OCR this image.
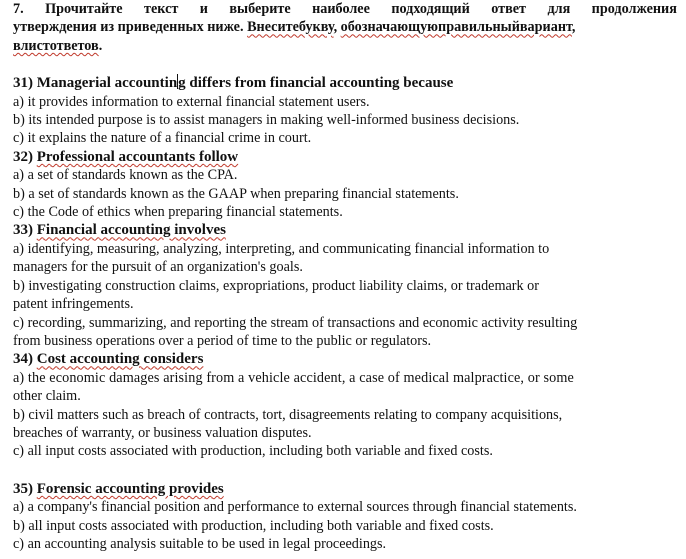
7. Прочитайте текст и выберите наиболее подходящий ответ для продолжения
утверждения из приведенных ниже. Внеситебукву, обозначающуюправильныйвариант,
влистответов.
31) Managerial accounting differs from financial accounting because
a) it provides information to external financial statement users.
b) its intended purpose is to assist managers in making well-informed business decisions.
c) it explains the nature of a financial crime in court.
32) Professional accountants follow
a) a set of standards known as the CPA.
b) a set of standards known as the GAAP when preparing financial statements.
c) the Code of ethics when preparing financial statements.
33) Financial accounting involves
a) identifying, measuring, analyzing, interpreting, and communicating financial information to
managers for the pursuit of an organization's goals.
b) investigating construction claims, expropriations, product liability claims, or trademark or
patent infringements.
c) recording, summarizing, and reporting the stream of transactions and economic activity resulting
from business operations over a period of time to the public or regulators.
34) Cost accounting considers
a) the economic damages arising from a vehicle accident, a case of medical malpractice, or some
other claim.
b) civil matters such as breach of contracts, tort, disagreements relating to company acquisitions,
breaches of warranty, or business valuation disputes.
c) all input costs associated with production, including both variable and fixed costs.
35) Forensic accounting provides
a) a company's financial position and performance to external sources through financial statements.
b) all input costs associated with production, including both variable and fixed costs.
c) an accounting analysis suitable to be used in legal proceedings.
